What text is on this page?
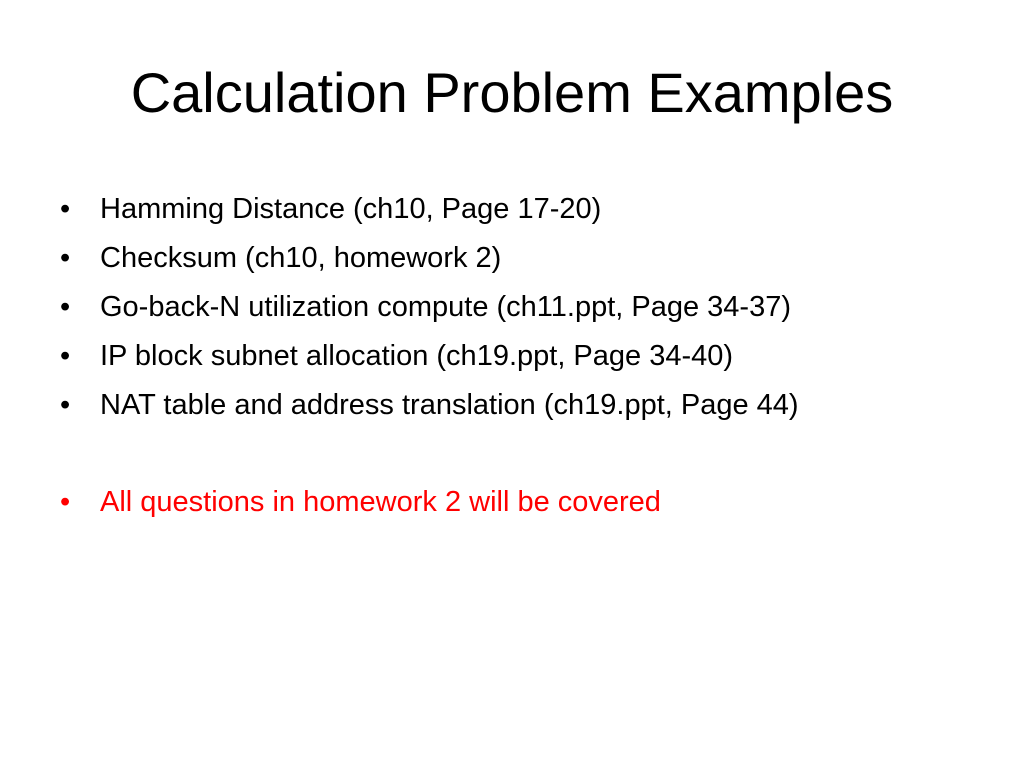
Calculation Problem Examples
•	Hamming Distance (ch10, Page 17-20)
•	Checksum (ch10, homework 2)
•	Go-back-N utilization compute (ch11.ppt, Page 34-37)
•	IP block subnet allocation (ch19.ppt, Page 34-40)
•	NAT table and address translation (ch19.ppt, Page 44)
•	All questions in homework 2 will be covered
